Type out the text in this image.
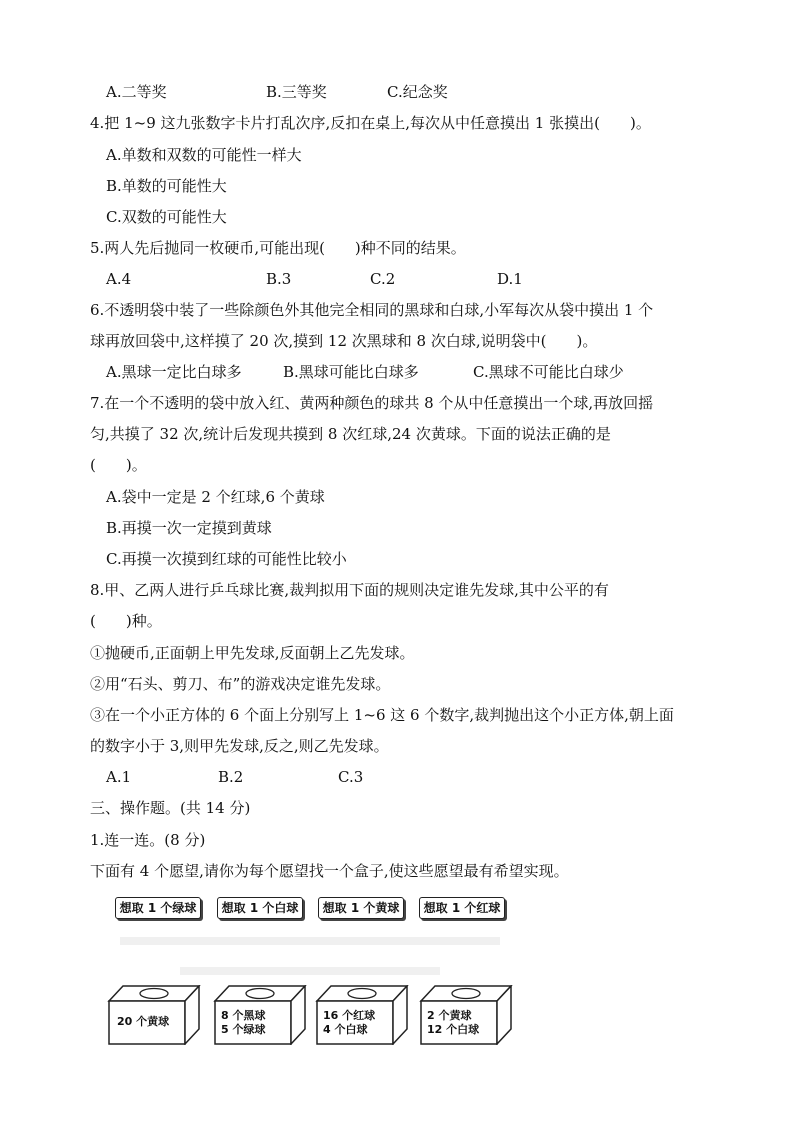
A.二等奖	B.三等奖	C.纪念奖
4.把 1~9 这九张数字卡片打乱次序,反扣在桌上,每次从中任意摸出 1 张摸出(　　)。
A.单数和双数的可能性一样大
B.单数的可能性大
C.双数的可能性大
5.两人先后抛同一枚硬币,可能出现(　　)种不同的结果。
A.4	B.3	C.2	D.1
6.不透明袋中装了一些除颜色外其他完全相同的黑球和白球,小军每次从袋中摸出 1 个
球再放回袋中,这样摸了 20 次,摸到 12 次黑球和 8 次白球,说明袋中(　　)。
A.黑球一定比白球多	B.黑球可能比白球多	C.黑球不可能比白球少
7.在一个不透明的袋中放入红、黄两种颜色的球共 8 个从中任意摸出一个球,再放回摇
匀,共摸了 32 次,统计后发现共摸到 8 次红球,24 次黄球。下面的说法正确的是
(　　)。
A.袋中一定是 2 个红球,6 个黄球
B.再摸一次一定摸到黄球
C.再摸一次摸到红球的可能性比较小
8.甲、乙两人进行乒乓球比赛,裁判拟用下面的规则决定谁先发球,其中公平的有
(　　)种。
①抛硬币,正面朝上甲先发球,反面朝上乙先发球。
②用“石头、剪刀、布”的游戏决定谁先发球。
③在一个小正方体的 6 个面上分别写上 1~6 这 6 个数字,裁判抛出这个小正方体,朝上面
的数字小于 3,则甲先发球,反之,则乙先发球。
A.1	B.2	C.3
三、操作题。(共 14 分)
1.连一连。(8 分)
下面有 4 个愿望,请你为每个愿望找一个盒子,使这些愿望最有希望实现。
想取 1 个绿球	想取 1 个白球	想取 1 个黄球	想取 1 个红球
20 个黄球	8 个黑球
5 个绿球
16 个红球
4 个白球
2 个黄球
12 个白球
